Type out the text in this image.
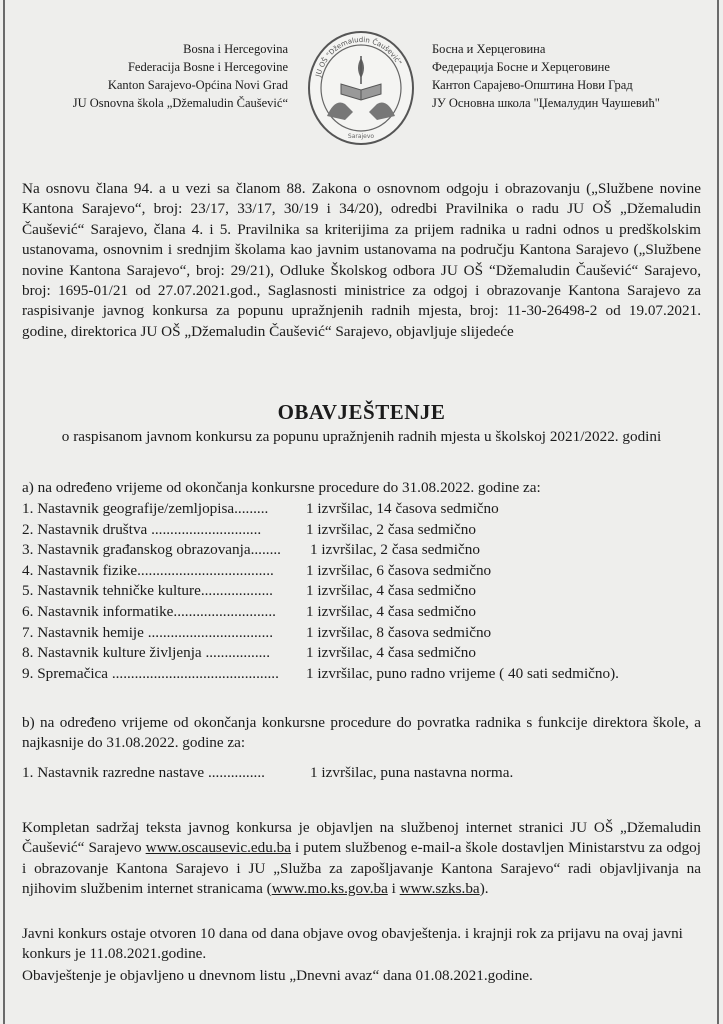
Bosna i Hercegovina
Federacija Bosne i Hercegovine
Kanton Sarajevo-Općina Novi Grad
JU Osnovna škola „Džemaludin Čaušević“
JU OŠ "Džemaludin Čaušević"
Sarajevo
Босна и Херцеговина
Федерација Босне и Херцеговине
Кантоn Сарајево-Општина Нови Град
ЈУ Основна школа "Џемалудин Чаушевић"
Na osnovu člana 94. a u vezi sa članom 88. Zakona o osnovnom odgoju i obrazovanju („Službene novine Kantona Sarajevo“, broj: 23/17, 33/17, 30/19 i 34/20), odredbi Pravilnika o radu JU OŠ „Džemaludin Čaušević“ Sarajevo, člana 4. i 5. Pravilnika sa kriterijima za prijem radnika u radni odnos u predškolskim ustanovama, osnovnim i srednjim školama kao javnim ustanovama na području Kantona Sarajevo („Službene novine Kantona Sarajevo“, broj: 29/21), Odluke Školskog odbora JU OŠ “Džemaludin Čaušević“ Sarajevo, broj: 1695-01/21 od 27.07.2021.god., Saglasnosti ministrice za odgoj i obrazovanje Kantona Sarajevo za raspisivanje javnog konkursa za popunu upražnjenih radnih mjesta, broj: 11-30-26498-2 od 19.07.2021. godine, direktorica JU OŠ „Džemaludin Čaušević“ Sarajevo, objavljuje slijedeće
OBAVJEŠTENJE
o raspisanom javnom konkursu za popunu upražnjenih radnih mjesta u školskoj 2021/2022. godini
a) na određeno vrijeme od okončanja konkursne procedure do 31.08.2022. godine za:
1. Nastavnik geografije/zemljopisa......... 1 izvršilac, 14 časova sedmično
2. Nastavnik društva .............................	1 izvršilac, 2 časa sedmično
3. Nastavnik građanskog obrazovanja........ 1 izvršilac, 2 časa sedmično
4. Nastavnik fizike.................................... 1 izvršilac, 6 časova sedmično
5. Nastavnik tehničke kulture................... 1 izvršilac, 4 časa sedmično
6. Nastavnik informatike........................... 1 izvršilac, 4 časa sedmično
7. Nastavnik hemije ................................. 1 izvršilac, 8 časova sedmično
8. Nastavnik kulture življenja ................. 1 izvršilac, 4 časa sedmično
9. Spremačica ............................................ 1 izvršilac, puno radno vrijeme ( 40 sati sedmično).
b) na određeno vrijeme od okončanja konkursne procedure do povratka radnika s funkcije direktora škole, a najkasnije do 31.08.2022. godine za:
1. Nastavnik razredne nastave ...............	1 izvršilac, puna nastavna norma.
Kompletan sadržaj teksta javnog konkursa je objavljen na službenoj internet stranici JU OŠ „Džemaludin Čaušević“ Sarajevo www.oscausevic.edu.ba i putem službenog e-mail-a škole dostavljen Ministarstvu za odgoj i obrazovanje Kantona Sarajevo i JU „Služba za zapošljavanje Kantona Sarajevo“ radi objavljivanja na njihovim službenim internet stranicama (www.mo.ks.gov.ba i www.szks.ba).
Javni konkurs ostaje otvoren 10 dana od dana objave ovog obavještenja. i krajnji rok za prijavu na ovaj javni konkurs je 11.08.2021.godine.
Obavještenje je objavljeno u dnevnom listu „Dnevni avaz“ dana 01.08.2021.godine.
